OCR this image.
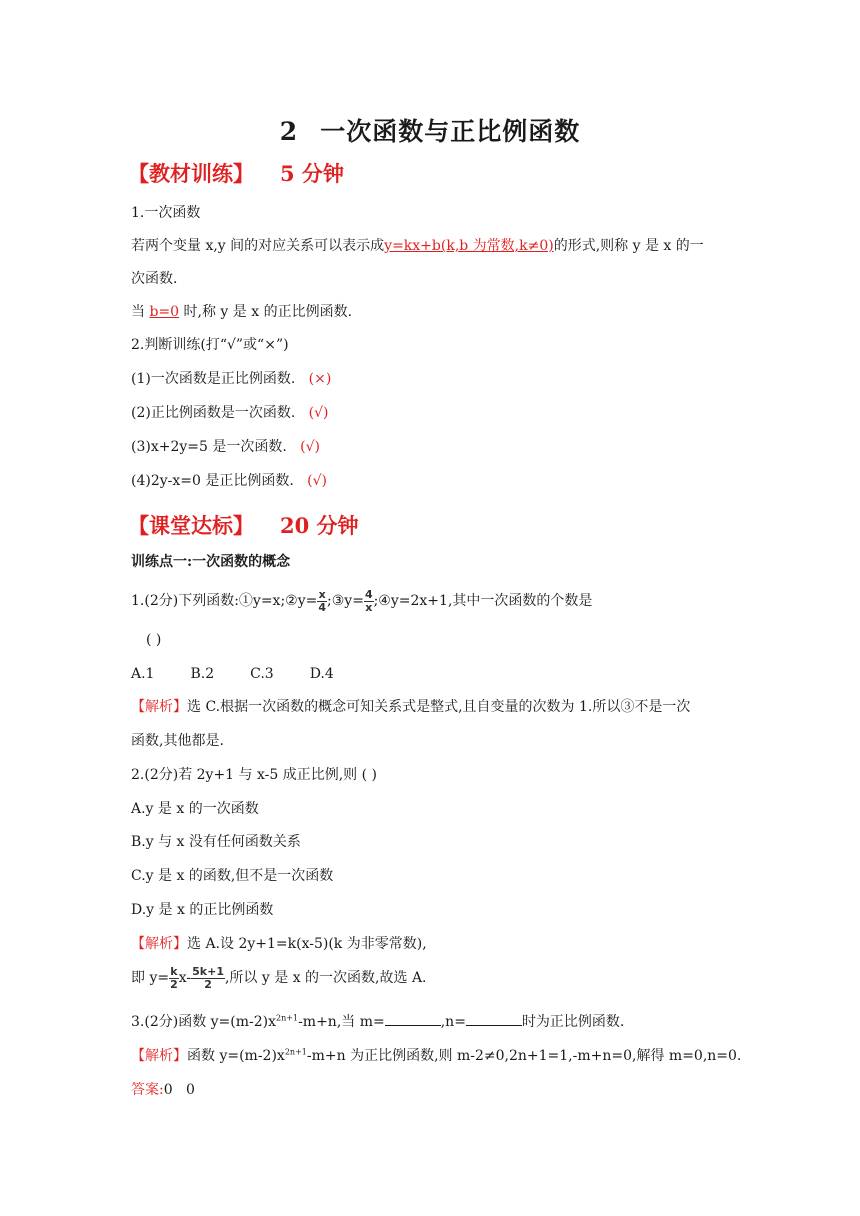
2 一次函数与正比例函数
【教材训练】 5 分钟
1.一次函数
若两个变量 x,y 间的对应关系可以表示成y=kx+b(k,b 为常数,k≠0)的形式,则称 y 是 x 的一
次函数.
当 b=0 时,称 y 是 x 的正比例函数.
2.判断训练(打“√”或“×”)
(1)一次函数是正比例函数. (×)
(2)正比例函数是一次函数. (√)
(3)x+2y=5 是一次函数. (√)
(4)2y-x=0 是正比例函数. (√)
【课堂达标】 20 分钟
训练点一:一次函数的概念
1.(2分)下列函数:①y=x;②y= $\frac{x}{4}$ ;③y= $\frac{4}{x}$ ;④y=2x+1,其中一次函数的个数是
( )
A.1	B.2	C.3	D.4
【解析】选 C.根据一次函数的概念可知关系式是整式,且自变量的次数为 1.所以③不是一次
函数,其他都是.
2.(2分)若 2y+1 与 x-5 成正比例,则 ( )
A.y 是 x 的一次函数
B.y 与 x 没有任何函数关系
C.y 是 x 的函数,但不是一次函数
D.y 是 x 的正比例函数
【解析】选 A.设 2y+1=k(x-5)(k 为非零常数),
即 $y= \frac{k}{2} x- \frac{5k+1}{2}$ ,所以 y 是 x 的一次函数,故选 A.
3.(2分)函数 $y=(m-2)x^{2n+1}-m+n$,当 m=	,n=	时为正比例函数.
【解析】函数 $y=(m-2)x^{2n+1}-m+n$ 为正比例函数,则 m-2≠0,2n+1=1,-m+n=0,解得 m=0,n=0.
答案:0   0
